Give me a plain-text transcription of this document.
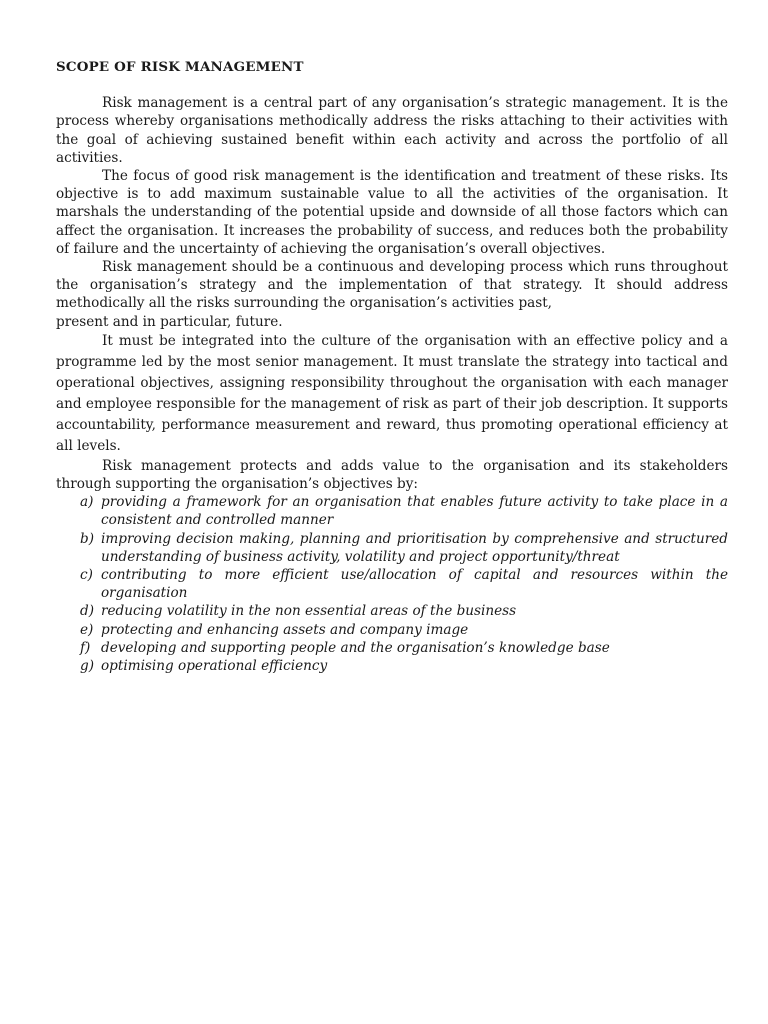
SCOPE OF RISK MANAGEMENT

Risk management is a central part of any organisation’s strategic management. It is the process whereby organisations methodically address the risks attaching to their activities with the goal of achieving sustained benefit within each activity and across the portfolio of all activities.

The focus of good risk management is the identification and treatment of these risks. Its objective is to add maximum sustainable value to all the activities of the organisation. It marshals the understanding of the potential upside and downside of all those factors which can affect the organisation. It increases the probability of success, and reduces both the probability of failure and the uncertainty of achieving the organisation’s overall objectives.

Risk management should be a continuous and developing process which runs throughout the organisation’s strategy and the implementation of that strategy. It should address methodically all the risks surrounding the organisation’s activities past,

present and in particular, future.

It must be integrated into the culture of the organisation with an effective policy and a programme led by the most senior management. It must translate the strategy into tactical and operational objectives, assigning responsibility throughout the organisation with each manager and employee responsible for the management of risk as part of their job description. It supports accountability, performance measurement and reward, thus promoting operational efficiency at all levels.

Risk management protects and adds value to the organisation and its stakeholders through supporting the organisation’s objectives by:

a) providing a framework for an organisation that enables future activity to take place in a consistent and controlled manner
b) improving decision making, planning and prioritisation by comprehensive and structured understanding of business activity, volatility and project opportunity/threat
c) contributing to more efficient use/allocation of capital and resources within the organisation
d) reducing volatility in the non essential areas of the business
e) protecting and enhancing assets and company image
f) developing and supporting people and the organisation’s knowledge base
g) optimising operational efficiency
